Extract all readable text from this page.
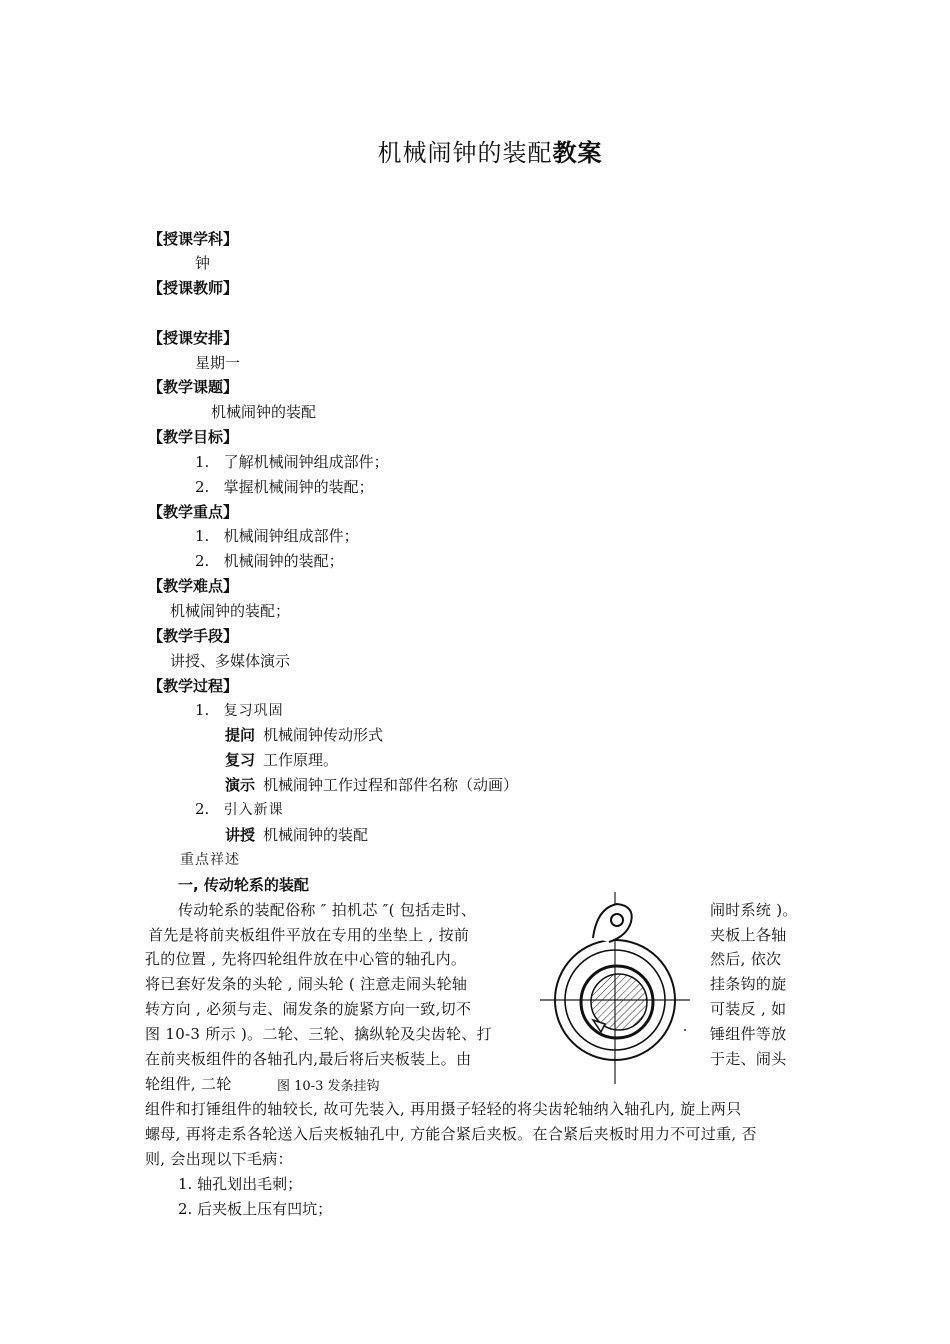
机械闹钟的装配教案
【授课学科】
钟
【授课教师】
【授课安排】
星期一
【教学课题】
机械闹钟的装配
【教学目标】
1.   了解机械闹钟组成部件；
2.   掌握机械闹钟的装配；
【教学重点】
1.   机械闹钟组成部件；
2.   机械闹钟的装配；
【教学难点】
机械闹钟的装配；
【教学手段】
讲授、多媒体演示
【教学过程】
1. 复习巩固
提问 机械闹钟传动形式
复习 工作原理。
演示 机械闹钟工作过程和部件名称（动画）
2. 引入新课
讲授 机械闹钟的装配
重点祥述
一, 传动轮系的装配
传动轮系的装配俗称 ″ 拍机芯 ″( 包括走时、
首先是将前夹板组件平放在专用的坐垫上 , 按前
孔的位置 , 先将四轮组件放在中心管的轴孔内。
将已套好发条的头轮 , 闹头轮 ( 注意走闹头轮轴
转方向 , 必须与走、闹发条的旋紧方向一致,切不
图 10-3 所示 )。二轮、三轮、擒纵轮及尖齿轮、打
在前夹板组件的各轴孔内,最后将后夹板装上。由
轮组件, 二轮	图 10-3 发条挂钩
闹时系统 )。
夹板上各轴
然后, 依次
挂条钩的旋
可装反 , 如
锤组件等放
于走、闹头
组件和打锤组件的轴较长, 故可先装入, 再用摄子轻轻的将尖齿轮轴纳入轴孔内, 旋上两只
螺母, 再将走系各轮送入后夹板轴孔中, 方能合紧后夹板。在合紧后夹板时用力不可过重, 否
则, 会出现以下毛病：
1. 轴孔划出毛刺；
2. 后夹板上压有凹坑；
